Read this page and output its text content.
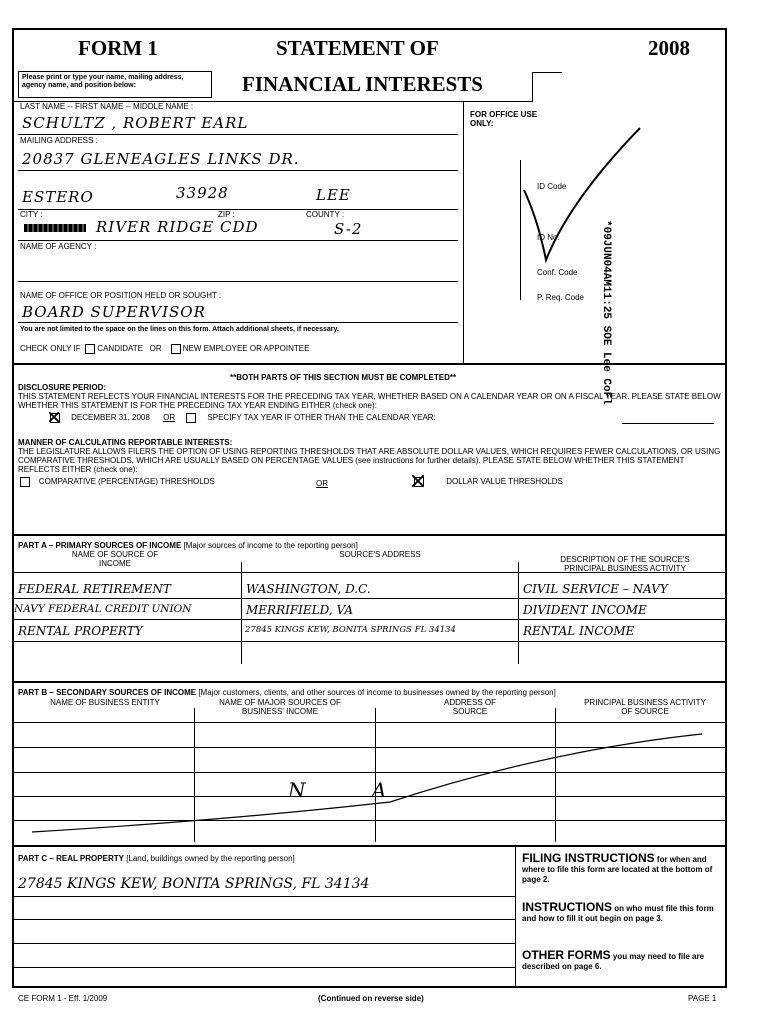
FORM 1	STATEMENT OF	2008
FINANCIAL INTERESTS
Please print or type your name, mailing address, agency name, and position below:
LAST NAME -- FIRST NAME -- MIDDLE NAME :
SCHULTZ , ROBERT EARL
MAILING ADDRESS :
20837 GLENEAGLES LINKS DR.
ESTERO	33928	LEE
CITY :	ZIP :	COUNTY :
RIVER RIDGE CDD	S-2
NAME OF AGENCY :
NAME OF OFFICE OR POSITION HELD OR SOUGHT :
BOARD SUPERVISOR
You are not limited to the space on the lines on this form. Attach additional sheets, if necessary.
CHECK ONLY IF CANDIDATE OR	NEW EMPLOYEE OR APPOINTEE
FOR OFFICE USE ONLY:
ID Code
ID No.
Conf. Code
P. Req. Code *09JUN04AM11:25 SOE Lee CoFl
**BOTH PARTS OF THIS SECTION MUST BE COMPLETED**
DISCLOSURE PERIOD:
THIS STATEMENT REFLECTS YOUR FINANCIAL INTERESTS FOR THE PRECEDING TAX YEAR, WHETHER BASED ON A CALENDAR YEAR OR ON A FISCAL YEAR. PLEASE STATE BELOW WHETHER THIS STATEMENT IS FOR THE PRECEDING TAX YEAR ENDING EITHER (check one):
DECEMBER 31, 2008 OR	SPECIFY TAX YEAR IF OTHER THAN THE CALENDAR YEAR:
MANNER OF CALCULATING REPORTABLE INTERESTS:
THE LEGISLATURE ALLOWS FILERS THE OPTION OF USING REPORTING THRESHOLDS THAT ARE ABSOLUTE DOLLAR VALUES, WHICH REQUIRES FEWER CALCULATIONS, OR USING COMPARATIVE THRESHOLDS, WHICH ARE USUALLY BASED ON PERCENTAGE VALUES (see instructions for further details). PLEASE STATE BELOW WHETHER THIS STATEMENT REFLECTS EITHER (check one):
COMPARATIVE (PERCENTAGE) THRESHOLDS	OR	DOLLAR VALUE THRESHOLDS
PART A – PRIMARY SOURCES OF INCOME [Major sources of income to the reporting person]
NAME OF SOURCE OF INCOME
SOURCE'S ADDRESS
DESCRIPTION OF THE SOURCE'S PRINCIPAL BUSINESS ACTIVITY
FEDERAL RETIREMENT	WASHINGTON, D.C.	CIVIL SERVICE – NAVY
NAVY FEDERAL CREDIT UNION	MERRIFIELD, VA	DIVIDENT INCOME
RENTAL PROPERTY	27845 KINGS KEW, BONITA SPRINGS FL 34134	RENTAL INCOME
PART B – SECONDARY SOURCES OF INCOME [Major customers, clients, and other sources of income to businesses owned by the reporting person]
NAME OF BUSINESS ENTITY	NAME OF MAJOR SOURCES OF BUSINESS' INCOME
ADDRESS OF SOURCE
PRINCIPAL BUSINESS ACTIVITY OF SOURCE
N A
PART C – REAL PROPERTY [Land, buildings owned by the reporting person]
27845 KINGS KEW, BONITA SPRINGS, FL 34134
FILING INSTRUCTIONS for when and where to file this form are located at the bottom of page 2.
INSTRUCTIONS on who must file this form and how to fill it out begin on page 3.
OTHER FORMS you may need to file are described on page 6.
CE FORM 1 - Eff. 1/2009	(Continued on reverse side)	PAGE 1
